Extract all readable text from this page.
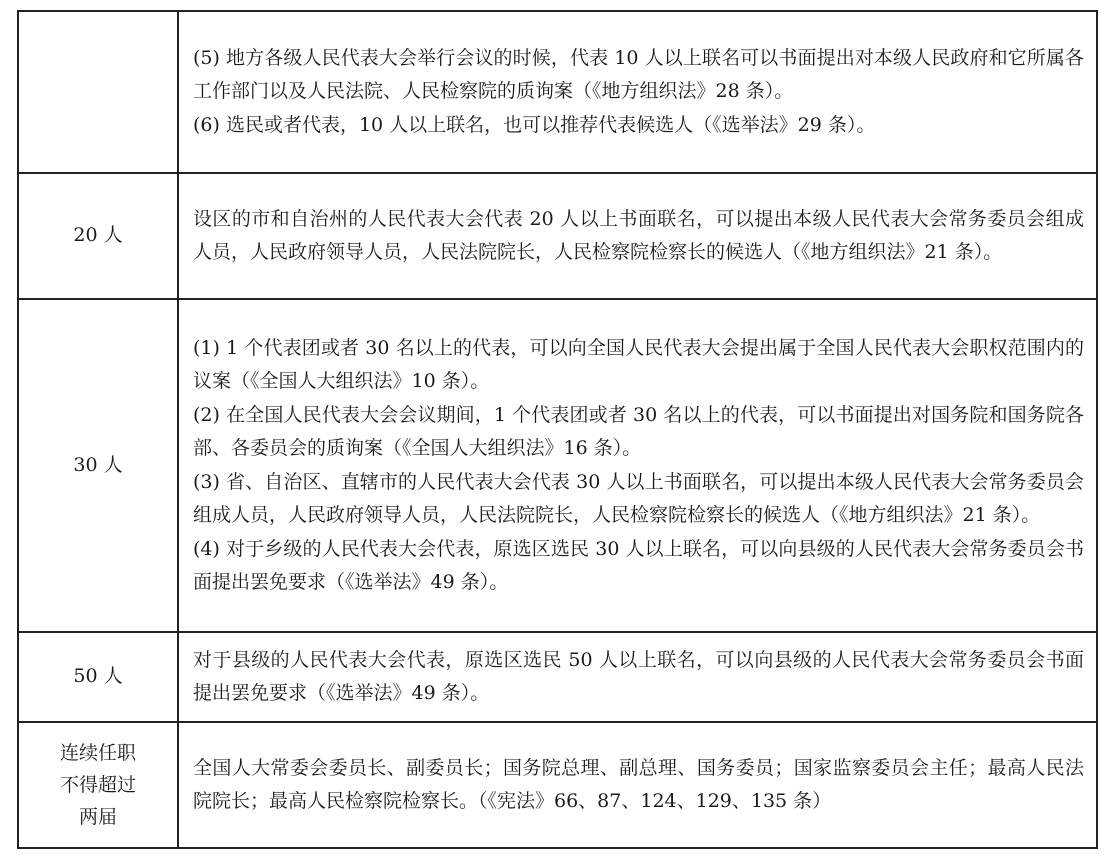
	(5) 地方各级人民代表大会举行会议的时候，代表 10 人以上联名可以书面提出对本级人民政府和它所属各工作部门以及人民法院、人民检察院的质询案（《地方组织法》28 条）。
(6) 选民或者代表，10 人以上联名，也可以推荐代表候选人（《选举法》29 条）。

20 人	设区的市和自治州的人民代表大会代表 20 人以上书面联名，可以提出本级人民代表大会常务委员会组成人员，人民政府领导人员，人民法院院长，人民检察院检察长的候选人（《地方组织法》21 条）。

30 人	(1) 1 个代表团或者 30 名以上的代表，可以向全国人民代表大会提出属于全国人民代表大会职权范围内的议案（《全国人大组织法》10 条）。
(2) 在全国人民代表大会会议期间，1 个代表团或者 30 名以上的代表，可以书面提出对国务院和国务院各部、各委员会的质询案（《全国人大组织法》16 条）。
(3) 省、自治区、直辖市的人民代表大会代表 30 人以上书面联名，可以提出本级人民代表大会常务委员会组成人员，人民政府领导人员，人民法院院长，人民检察院检察长的候选人（《地方组织法》21 条）。
(4) 对于乡级的人民代表大会代表，原选区选民 30 人以上联名，可以向县级的人民代表大会常务委员会书面提出罢免要求（《选举法》49 条）。

50 人	对于县级的人民代表大会代表，原选区选民 50 人以上联名，可以向县级的人民代表大会常务委员会书面提出罢免要求（《选举法》49 条）。

连续任职
不得超过
两届	全国人大常委会委员长、副委员长；国务院总理、副总理、国务委员；国家监察委员会主任；最高人民法院院长；最高人民检察院检察长。（《宪法》66、87、124、129、135 条）
